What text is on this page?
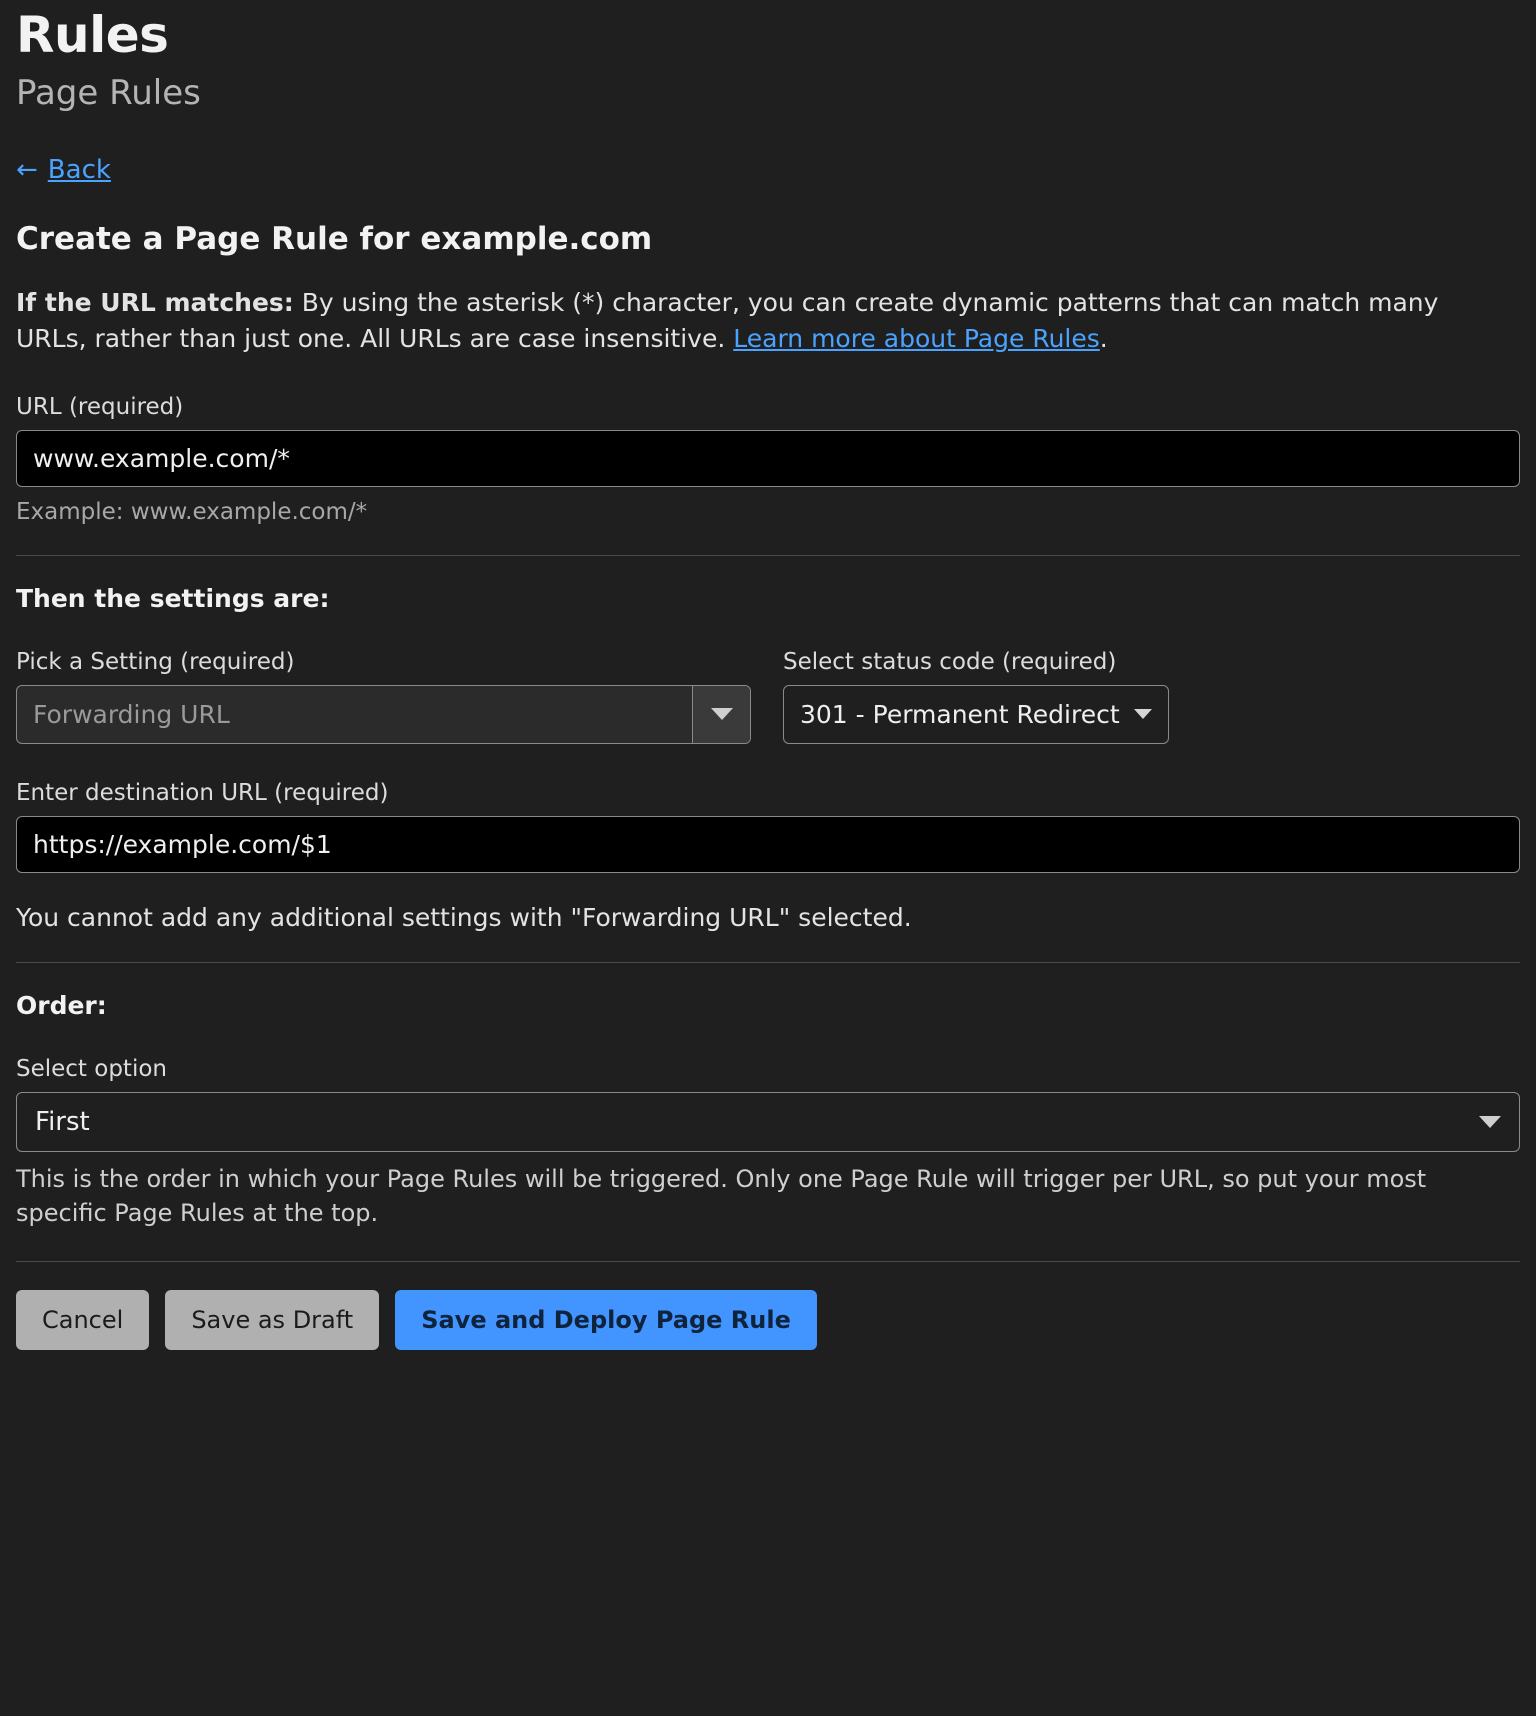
Rules
Page Rules
← Back
Create a Page Rule for example.com

If the URL matches: By using the asterisk (*) character, you can create dynamic patterns that can match many URLs, rather than just one. All URLs are case insensitive. Learn more about Page Rules.

URL (required)
www.example.com/*
Example: www.example.com/*
Then the settings are:
Pick a Setting (required)
Forwarding URL
Select status code (required)
301 - Permanent Redirect
Enter destination URL (required)
https://example.com/$1

You cannot add any additional settings with "Forwarding URL" selected.

Order:
Select option
First

This is the order in which your Page Rules will be triggered. Only one Page Rule will trigger per URL, so put your most specific Page Rules at the top.

Cancel	Save as Draft	Save and Deploy Page Rule
